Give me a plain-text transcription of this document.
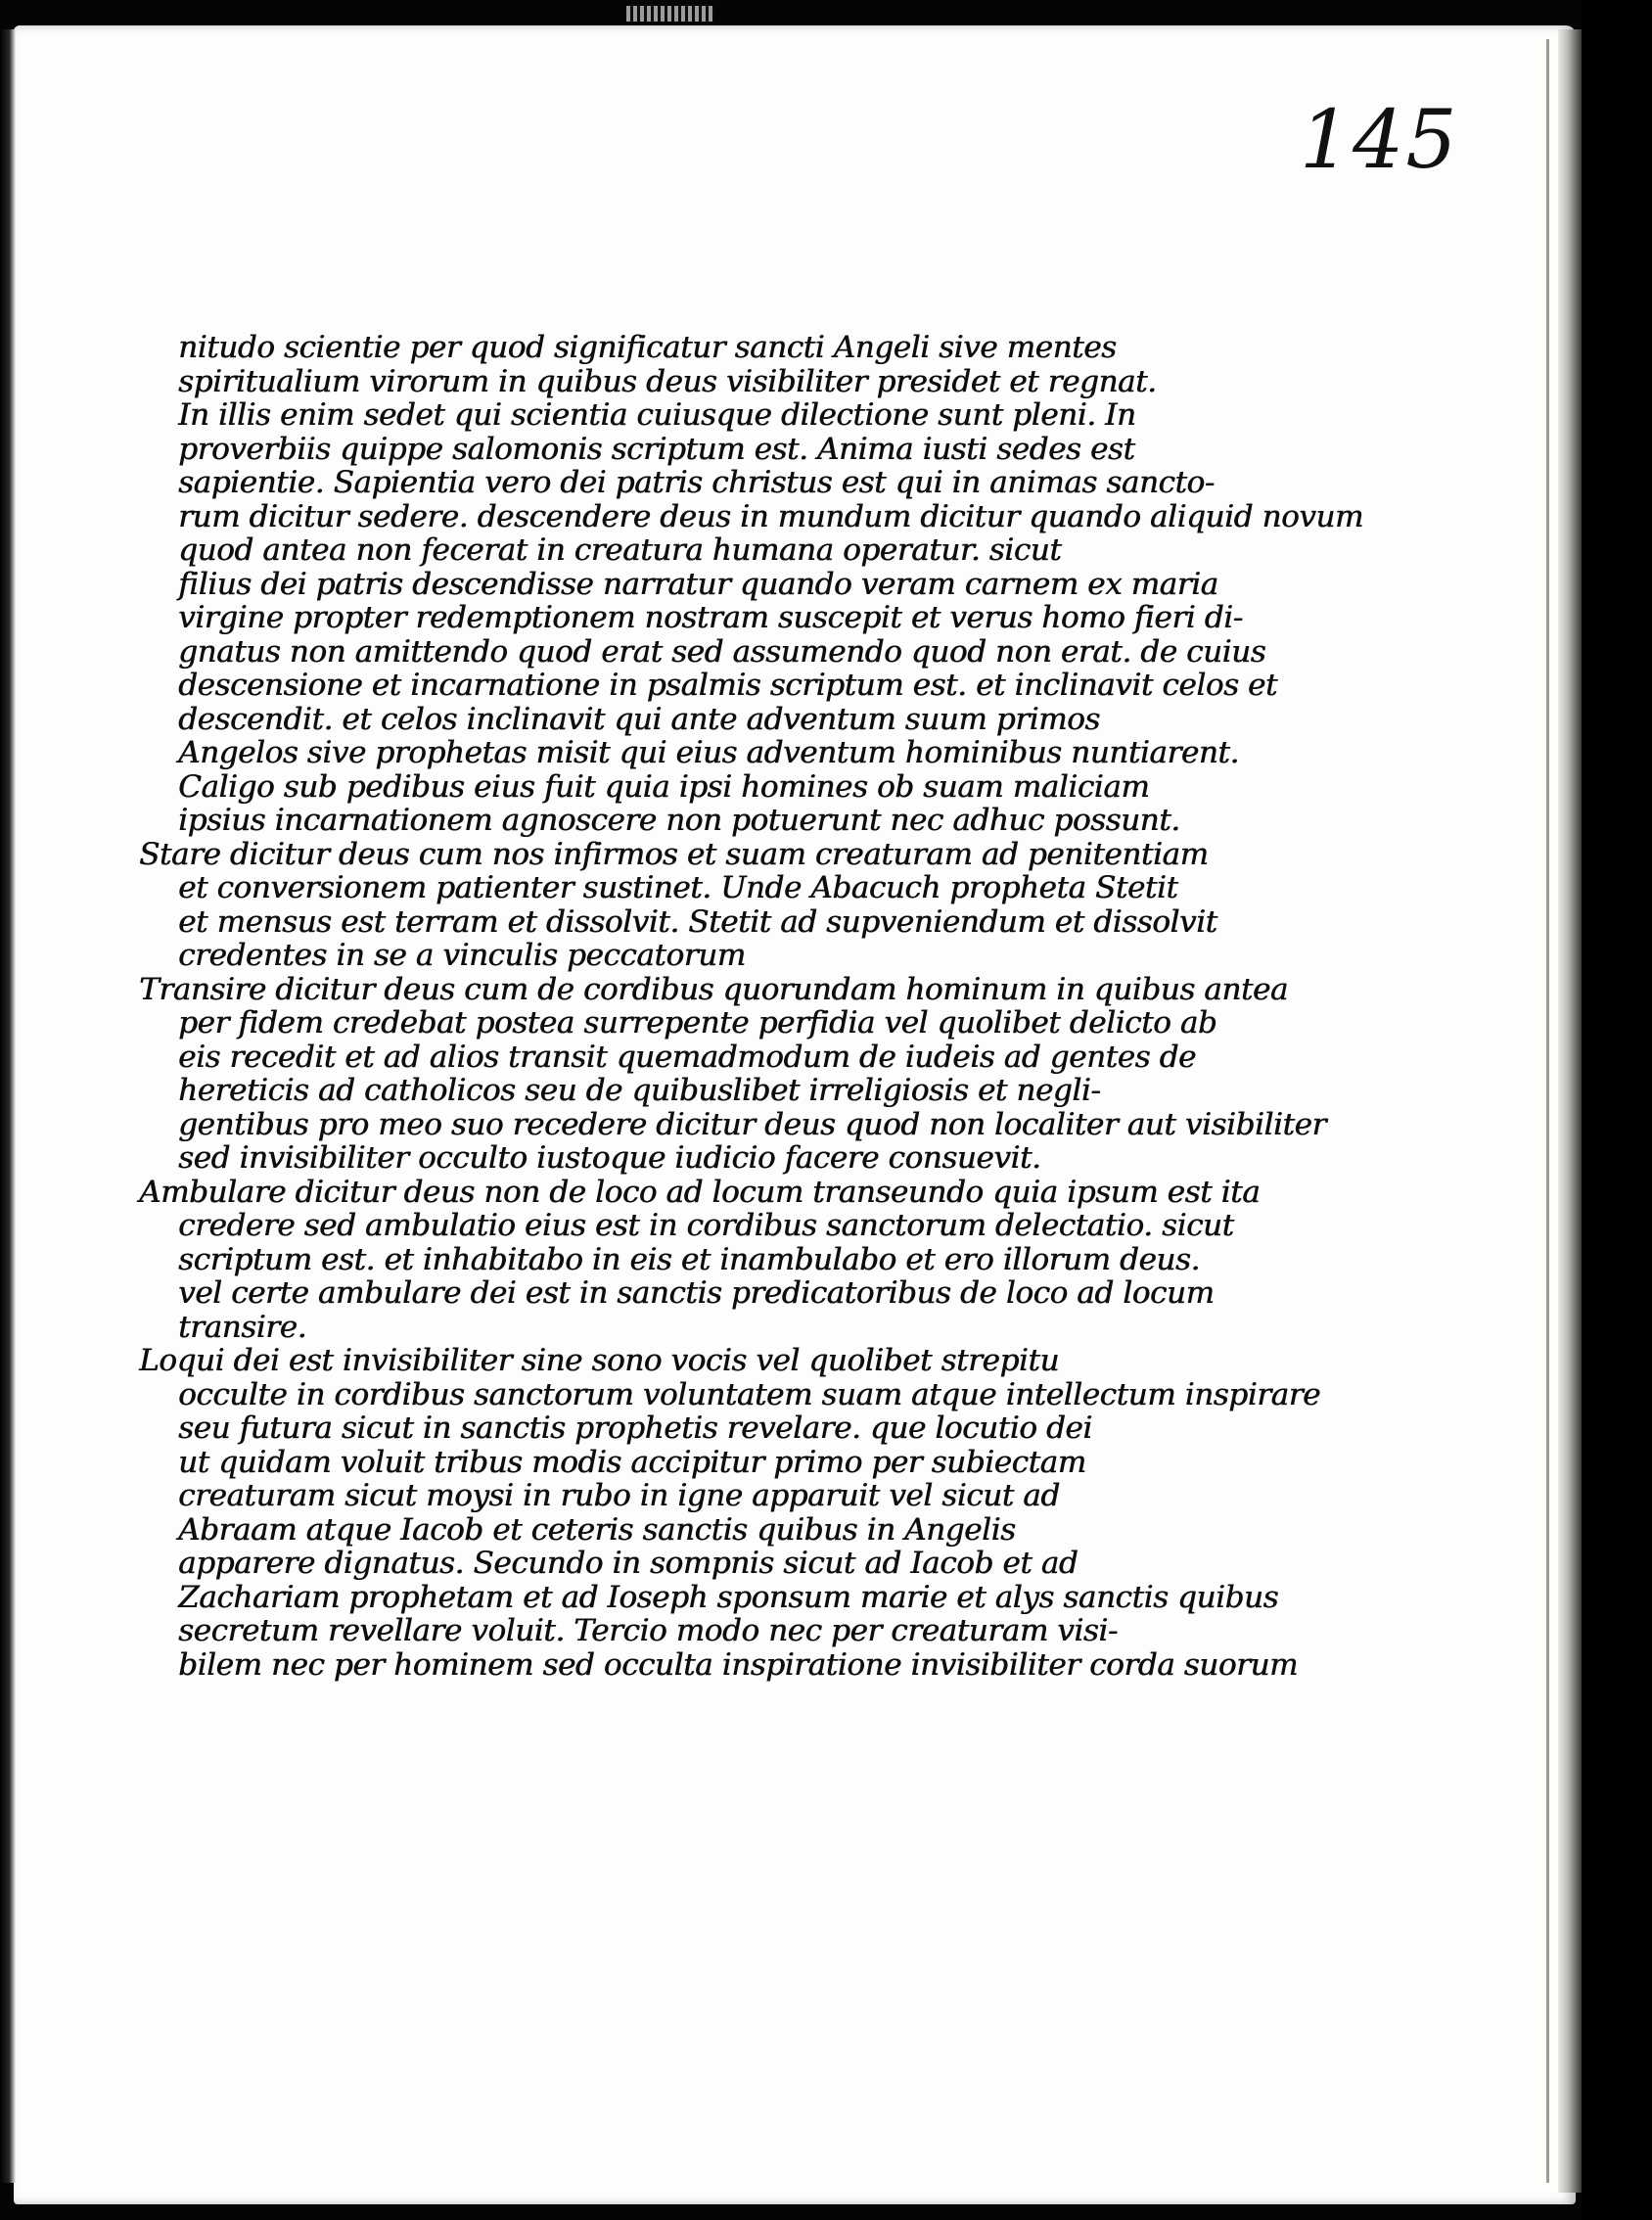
145
nitudo scientie per quod significatur sancti Angeli sive mentes
spiritualium virorum in quibus deus visibiliter presidet et regnat.
In illis enim sedet qui scientia cuiusque dilectione sunt pleni. In
proverbiis quippe salomonis scriptum est. Anima iusti sedes est
sapientie. Sapientia vero dei patris christus est qui in animas sancto-
rum dicitur sedere. descendere deus in mundum dicitur quando aliquid novum
quod antea non fecerat in creatura humana operatur. sicut
filius dei patris descendisse narratur quando veram carnem ex maria
virgine propter redemptionem nostram suscepit et verus homo fieri di-
gnatus non amittendo quod erat sed assumendo quod non erat. de cuius
descensione et incarnatione in psalmis scriptum est. et inclinavit celos et
descendit. et celos inclinavit qui ante adventum suum primos
Angelos sive prophetas misit qui eius adventum hominibus nuntiarent.
Caligo sub pedibus eius fuit quia ipsi homines ob suam maliciam
ipsius incarnationem agnoscere non potuerunt nec adhuc possunt.
Stare dicitur deus cum nos infirmos et suam creaturam ad penitentiam
et conversionem patienter sustinet. Unde Abacuch propheta Stetit
et mensus est terram et dissolvit. Stetit ad supveniendum et dissolvit
credentes in se a vinculis peccatorum
Transire dicitur deus cum de cordibus quorundam hominum in quibus antea
per fidem credebat postea surrepente perfidia vel quolibet delicto ab
eis recedit et ad alios transit quemadmodum de iudeis ad gentes de
hereticis ad catholicos seu de quibuslibet irreligiosis et negli-
gentibus pro meo suo recedere dicitur deus quod non localiter aut visibiliter
sed invisibiliter occulto iustoque iudicio facere consuevit.
Ambulare dicitur deus non de loco ad locum transeundo quia ipsum est ita
credere sed ambulatio eius est in cordibus sanctorum delectatio. sicut
scriptum est. et inhabitabo in eis et inambulabo et ero illorum deus.
vel certe ambulare dei est in sanctis predicatoribus de loco ad locum
transire.
Loqui dei est invisibiliter sine sono vocis vel quolibet strepitu
occulte in cordibus sanctorum voluntatem suam atque intellectum inspirare
seu futura sicut in sanctis prophetis revelare. que locutio dei
ut quidam voluit tribus modis accipitur primo per subiectam
creaturam sicut moysi in rubo in igne apparuit vel sicut ad
Abraam atque Iacob et ceteris sanctis quibus in Angelis
apparere dignatus. Secundo in sompnis sicut ad Iacob et ad
Zachariam prophetam et ad Ioseph sponsum marie et alys sanctis quibus
secretum revellare voluit. Tercio modo nec per creaturam visi-
bilem nec per hominem sed occulta inspiratione invisibiliter corda suorum
